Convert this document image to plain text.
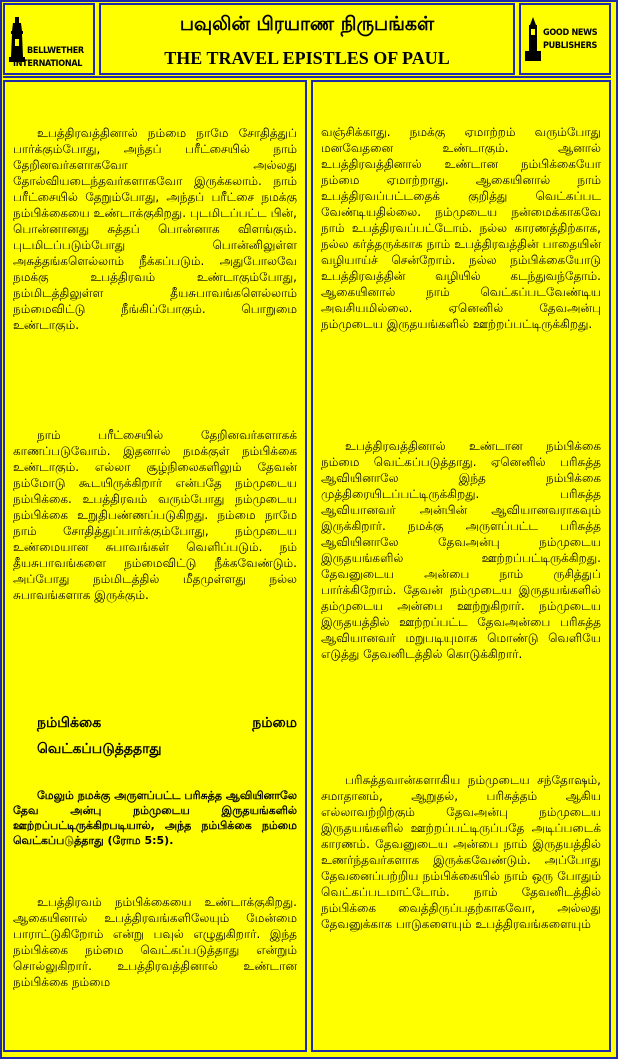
BELLWETHER
INTERNATIONAL
பவுலின் பிரயாண நிருபங்கள்
THE TRAVEL EPISTLES OF PAUL
GOOD NEWS
PUBLISHERS

உபத்திரவத்தினால் நம்மை நாமே சோதித்துப் பார்க்கும்போது, அந்தப் பரீட்சையில் நாம் தேறினவர்களாகவோ அல்லது தோல்வியடைந்தவர்களாகவோ இருக்கலாம். நாம் பரீட்சையில் தேறும்போது, அந்தப் பரீட்சை நமக்கு நம்பிக்கையை உண்டாக்குகிறது. புடமிடப்பட்ட பின், பொன்னானது சுத்தப் பொன்னாக விளங்கும். புடமிடப்படும்போது பொன்னிலுள்ள அசுத்தங்களெல்லாம் நீக்கப்படும். அதுபோலவே நமக்கு உபத்திரவம் உண்டாகும்போது, நம்மிடத்திலுள்ள தீயசுபாவங்களெல்லாம் நம்மைவிட்டு நீங்கிப்போகும். பொறுமை உண்டாகும்.

நாம் பரீட்சையில் தேறினவர்களாகக் காணப்படுவோம். இதனால் நமக்குள் நம்பிக்கை உண்டாகும். எல்லா சூழ்நிலைகளிலும் தேவன் நம்மோடு கூடயிருக்கிறார் என்பதே நம்முடைய நம்பிக்கை. உபத்திரவம் வரும்போது நம்முடைய நம்பிக்கை உறுதிபண்ணப்படுகிறது. நம்மை நாமே நாம் சோதித்துப்பார்க்கும்போது, நம்முடைய உண்மையான சுபாவங்கள் வெளிப்படும். நம் தீயசுபாவங்களை நம்மைவிட்டு நீக்கவேண்டும். அப்போது நம்மிடத்தில் மீதமுள்ளது நல்ல சுபாவங்களாக இருக்கும்.

நம்பிக்கை நம்மை

வெட்கப்படுத்ததாது

மேலும் நமக்கு அருளப்பட்ட பரிசுத்த ஆவியினாலே தேவ அன்பு நம்முடைய இருதயங்களில் ஊற்றப்பட்டிருக்கிறபடியால், அந்த நம்பிக்கை நம்மை வெட்கப்படுத்தாது (ரோம 5:5).

உபத்திரவம் நம்பிக்கையை உண்டாக்குகிறது. ஆகையினால் உபத்திரவங்களிலேயும் மேன்மை பாராட்டுகிறோம் என்று பவுல் எழுதுகிறார். இந்த நம்பிக்கை நம்மை வெட்கப்படுத்தாது என்றும் சொல்லுகிறார். உபத்திரவத்தினால் உண்டான நம்பிக்கை நம்மை

வஞ்சிக்காது. நமக்கு ஏமாற்றம் வரும்போது மனவேதனை உண்டாகும். ஆனால் உபத்திரவத்தினால் உண்டான நம்பிக்கையோ நம்மை ஏமாற்றாது. ஆகையினால் நாம் உபத்திரவப்பட்டதைக் குறித்து வெட்கப்பட வேண்டியதில்லை. நம்முடைய நன்மைக்காகவே நாம் உபத்திரவப்பட்டோம். நல்ல காரணத்திற்காக, நல்ல கர்த்தருக்காக நாம் உபத்திரவத்தின் பாதையின் வழியாய்ச் சென்றோம். நல்ல நம்பிக்கையோடு உபத்திரவத்தின் வழியில் கடந்துவந்தோம். ஆகையினால் நாம் வெட்கப்படவேண்டிய அவசியமில்லை. ஏனெனில் தேவஅன்பு நம்முடைய இருதயங்களில் ஊற்றப்பட்டிருக்கிறது.

உபத்திரவத்தினால் உண்டான நம்பிக்கை நம்மை வெட்கப்படுத்தாது. ஏனெனில் பரிசுத்த ஆவியினாலே இந்த நம்பிக்கை முத்திரையிடப்பட்டிருக்கிறது. பரிசுத்த ஆவியானவர் அன்பின் ஆவியானவராகவும் இருக்கிறார். நமக்கு அருளப்பட்ட பரிசுத்த ஆவியினாலே தேவஅன்பு நம்முடைய இருதயங்களில் ஊற்றப்பட்டிருக்கிறது. தேவனுடைய அன்பை நாம் ருசித்துப் பார்க்கிறோம். தேவன் நம்முடைய இருதயங்களில் தம்முடைய அன்பை ஊற்றுகிறார். நம்முடைய இருதயத்தில் ஊற்றப்பட்ட தேவஅன்பை பரிசுத்த ஆவியானவர் மறுபடியுமாக மொண்டு வெளியே எடுத்து தேவனிடத்தில் கொடுக்கிறார்.

பரிசுத்தவான்களாகிய நம்முடைய சந்தோஷம், சமாதானம், ஆறுதல், பரிசுத்தம் ஆகிய எல்லாவற்றிற்கும் தேவஅன்பு நம்முடைய இருதயங்களில் ஊற்றப்பட்டிருப்பதே அடிப்படைக் காரணம். தேவனுடைய அன்பை நாம் இருதயத்தில் உணர்ந்தவர்களாக இருக்கவேண்டும். அப்போது தேவனைப்பற்றிய நம்பிக்கையில் நாம் ஒரு போதும் வெட்கப்படமாட்டோம். நாம் தேவனிடத்தில் நம்பிக்கை வைத்திருப்பதற்காகவோ, அல்லது தேவனுக்காக பாடுகளையும் உபத்திரவங்களையும்
